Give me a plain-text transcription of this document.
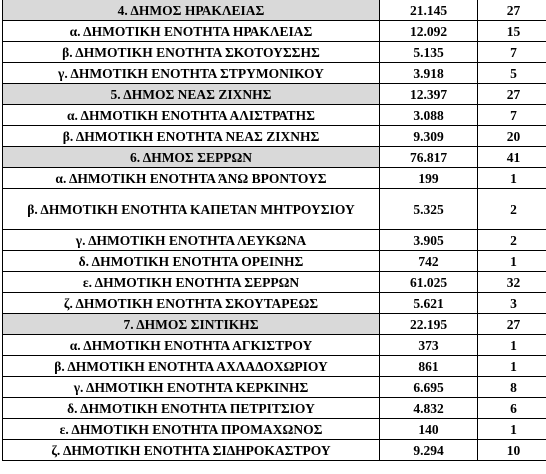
4. ΔΗΜΟΣ ΗΡΑΚΛΕΙΑΣ	21.145	27
α. ΔΗΜΟΤΙΚΗ ΕΝΟΤΗΤΑ ΗΡΑΚΛΕΙΑΣ	12.092	15
β. ΔΗΜΟΤΙΚΗ ΕΝΟΤΗΤΑ ΣΚΟΤΟΥΣΣΗΣ	5.135	7
γ. ΔΗΜΟΤΙΚΗ ΕΝΟΤΗΤΑ ΣΤΡΥΜΟΝΙΚΟΥ	3.918	5
5. ΔΗΜΟΣ ΝΕΑΣ ΖΙΧΝΗΣ	12.397	27
α. ΔΗΜΟΤΙΚΗ ΕΝΟΤΗΤΑ ΑΛΙΣΤΡΑΤΗΣ	3.088	7
β. ΔΗΜΟΤΙΚΗ ΕΝΟΤΗΤΑ ΝΕΑΣ ΖΙΧΝΗΣ	9.309	20
6. ΔΗΜΟΣ ΣΕΡΡΩΝ	76.817	41
α. ΔΗΜΟΤΙΚΗ ΕΝΟΤΗΤΑ ΆΝΩ ΒΡΟΝΤΟΥΣ	199	1
β. ΔΗΜΟΤΙΚΗ ΕΝΟΤΗΤΑ ΚΑΠΕΤΑΝ ΜΗΤΡΟΥΣΙΟΥ	5.325	2
γ. ΔΗΜΟΤΙΚΗ ΕΝΟΤΗΤΑ ΛΕΥΚΩΝΑ	3.905	2
δ. ΔΗΜΟΤΙΚΗ ΕΝΟΤΗΤΑ ΟΡΕΙΝΗΣ	742	1
ε. ΔΗΜΟΤΙΚΗ ΕΝΟΤΗΤΑ ΣΕΡΡΩΝ	61.025	32
ζ. ΔΗΜΟΤΙΚΗ ΕΝΟΤΗΤΑ ΣΚΟΥΤΑΡΕΩΣ	5.621	3
7. ΔΗΜΟΣ ΣΙΝΤΙΚΗΣ	22.195	27
α. ΔΗΜΟΤΙΚΗ ΕΝΟΤΗΤΑ ΑΓΚΙΣΤΡΟΥ	373	1
β. ΔΗΜΟΤΙΚΗ ΕΝΟΤΗΤΑ ΑΧΛΑΔΟΧΩΡΙΟΥ	861	1
γ. ΔΗΜΟΤΙΚΗ ΕΝΟΤΗΤΑ ΚΕΡΚΙΝΗΣ	6.695	8
δ. ΔΗΜΟΤΙΚΗ ΕΝΟΤΗΤΑ ΠΕΤΡΙΤΣΙΟΥ	4.832	6
ε. ΔΗΜΟΤΙΚΗ ΕΝΟΤΗΤΑ ΠΡΟΜΑΧΩΝΟΣ	140	1
ζ. ΔΗΜΟΤΙΚΗ ΕΝΟΤΗΤΑ ΣΙΔΗΡΟΚΑΣΤΡΟΥ	9.294	10
